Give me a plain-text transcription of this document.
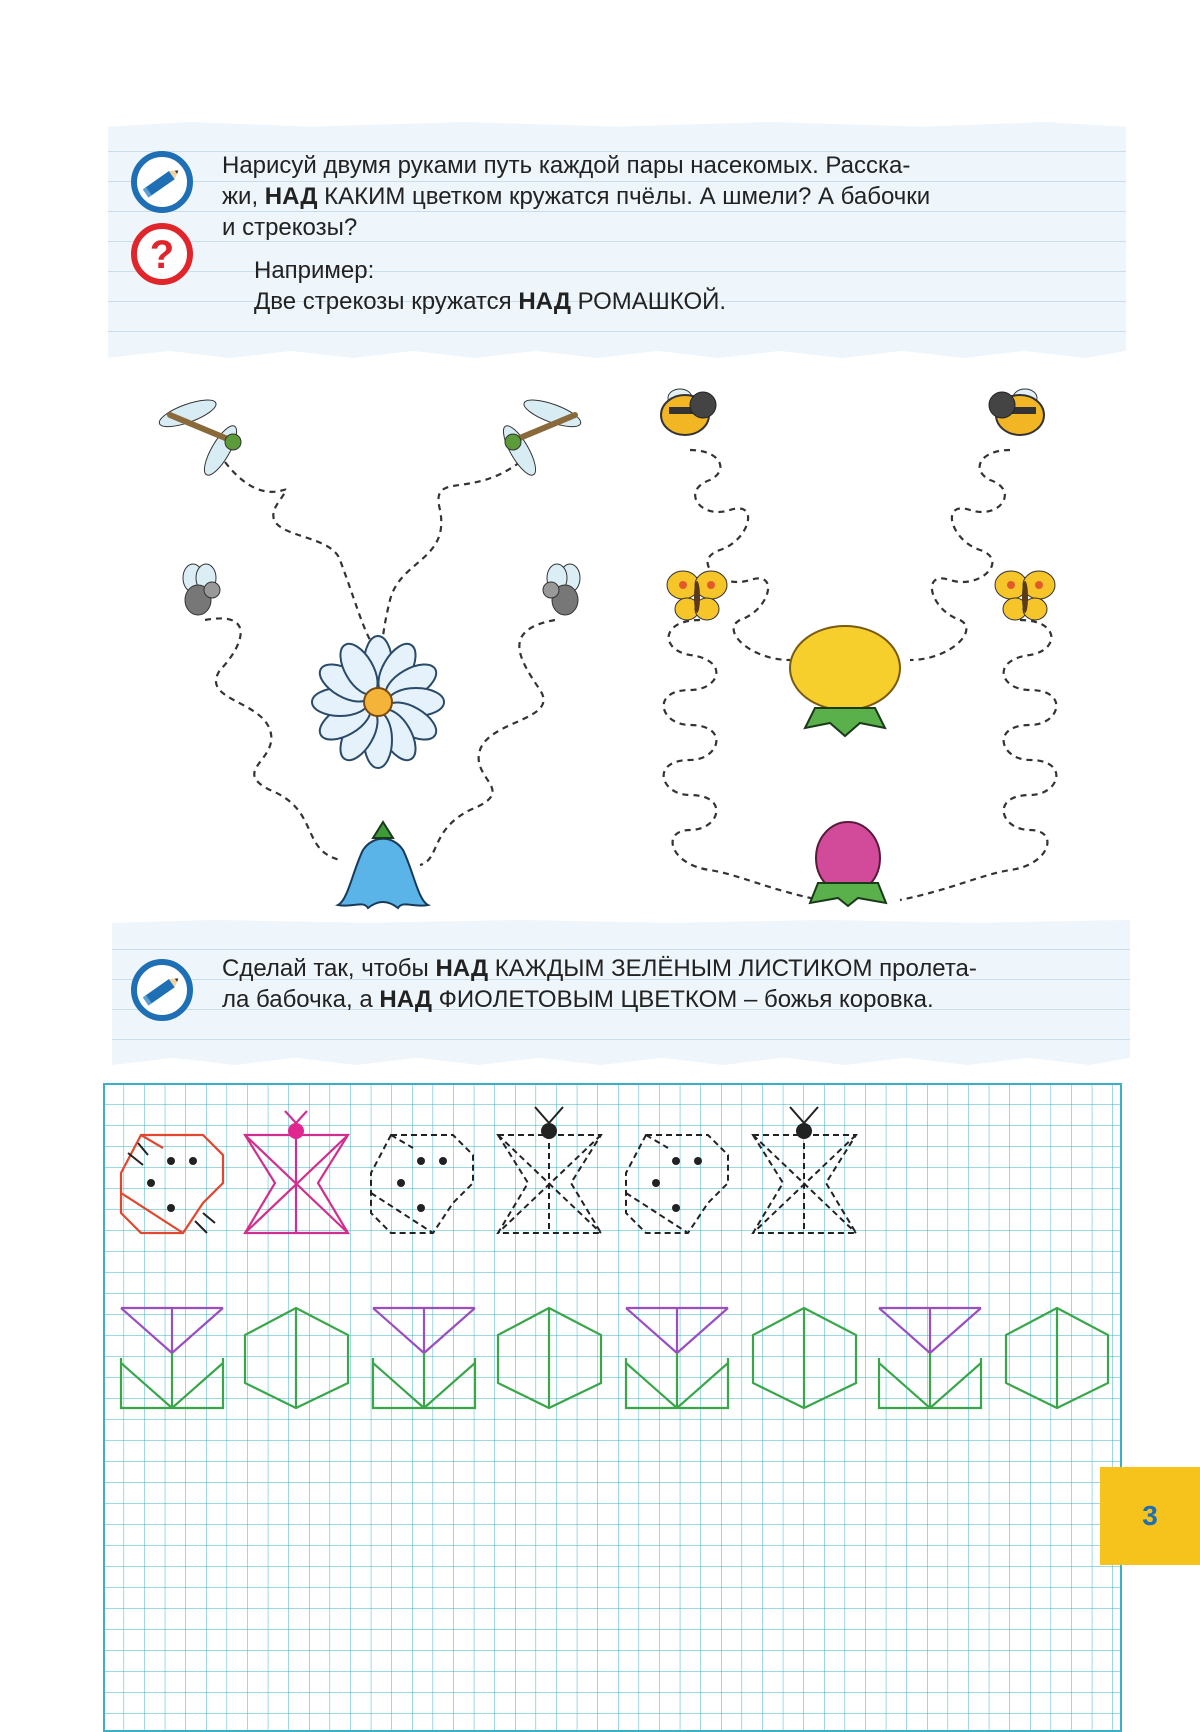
?
Нарисуй двумя руками путь каждой пары насекомых. Расска-
жи, НАД КАКИМ цветком кружатся пчёлы. А шмели? А бабочки
и стрекозы?
Например:
Две стрекозы кружатся НАД РОМАШКОЙ.
Сделай так, чтобы НАД КАЖДЫМ ЗЕЛЁНЫМ ЛИСТИКОМ пролета-
ла бабочка, а НАД ФИОЛЕТОВЫМ ЦВЕТКОМ – божья коровка.
3
